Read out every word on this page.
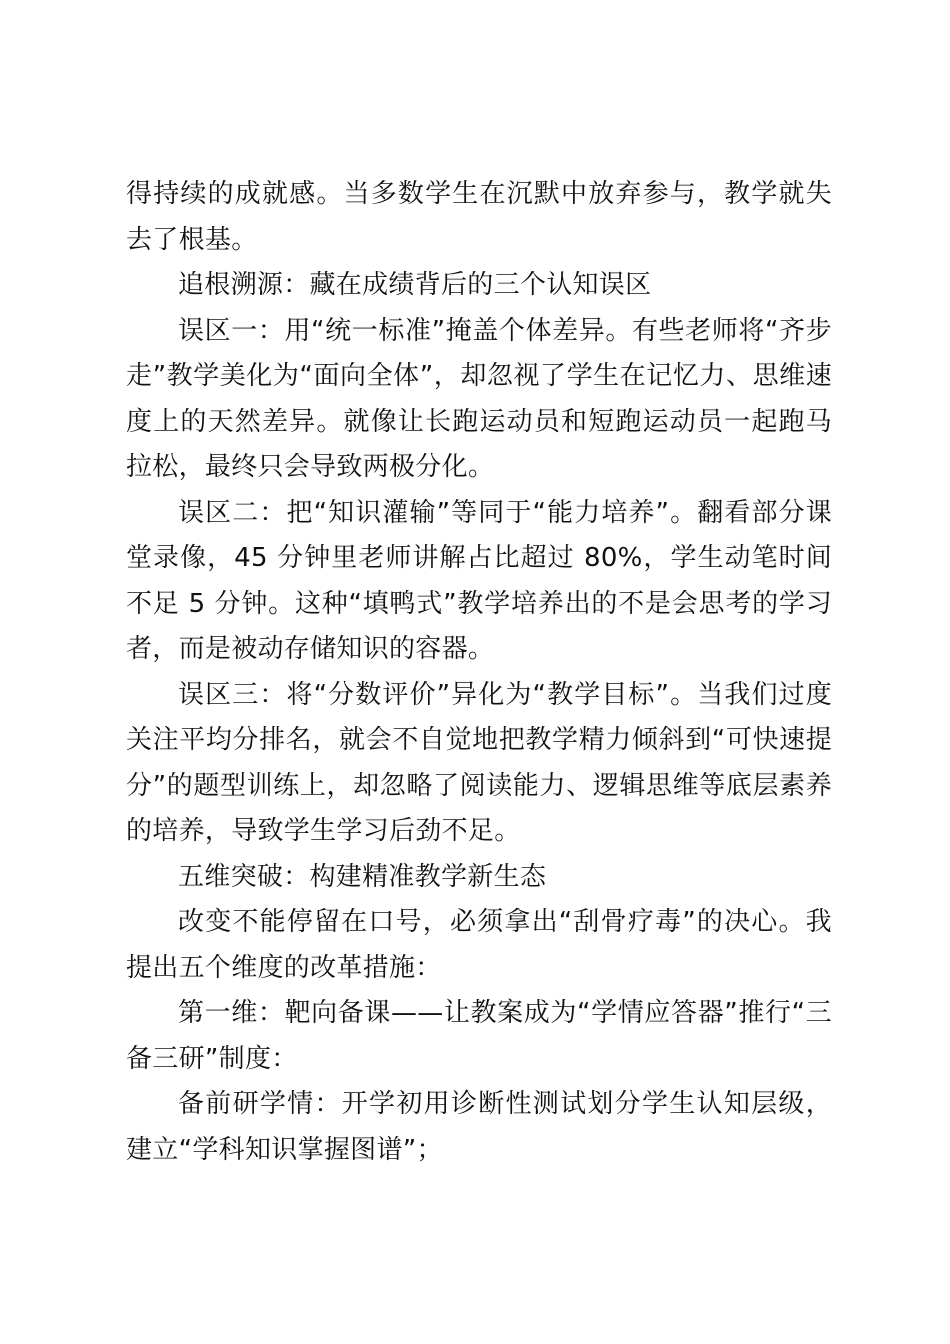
得持续的成就感。当多数学生在沉默中放弃参与，教学就失去了根基。

追根溯源：藏在成绩背后的三个认知误区

误区一：用“统一标准”掩盖个体差异。有些老师将“齐步走”教学美化为“面向全体”，却忽视了学生在记忆力、思维速度上的天然差异。就像让长跑运动员和短跑运动员一起跑马拉松，最终只会导致两极分化。

误区二：把“知识灌输”等同于“能力培养”。翻看部分课堂录像，45 分钟里老师讲解占比超过 80%，学生动笔时间不足 5 分钟。这种“填鸭式”教学培养出的不是会思考的学习者，而是被动存储知识的容器。

误区三：将“分数评价”异化为“教学目标”。当我们过度关注平均分排名，就会不自觉地把教学精力倾斜到“可快速提分”的题型训练上，却忽略了阅读能力、逻辑思维等底层素养的培养，导致学生学习后劲不足。

五维突破：构建精准教学新生态

改变不能停留在口号，必须拿出“刮骨疗毒”的决心。我提出五个维度的改革措施：

第一维：靶向备课——让教案成为“学情应答器”推行“三备三研”制度：

备前研学情：开学初用诊断性测试划分学生认知层级，建立“学科知识掌握图谱”；
